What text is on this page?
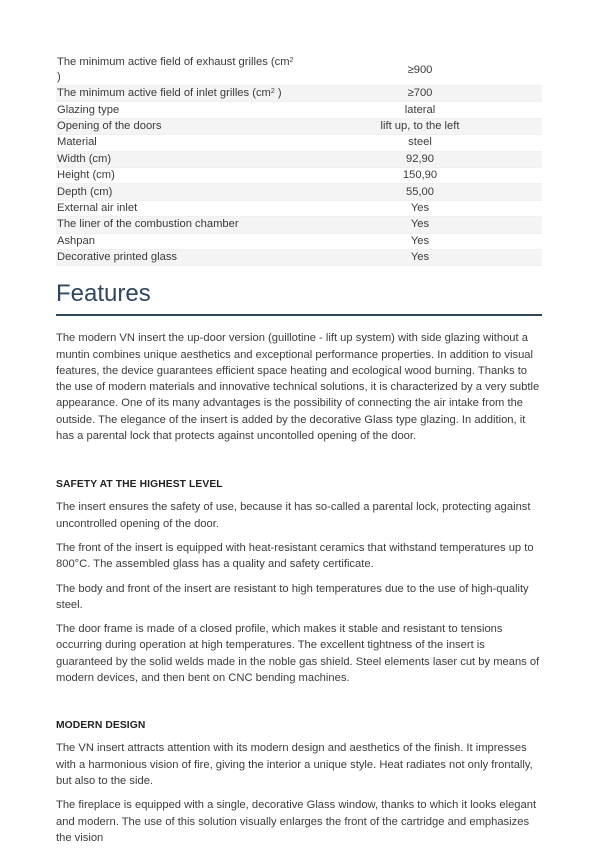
The minimum active field of exhaust grilles ($cm^2$ )	≥900
The minimum active field of inlet grilles ($cm^2$ )	≥700
Glazing type	lateral
Opening of the doors	lift up, to the left
Material	steel
Width (cm)	92,90
Height (cm)	150,90
Depth (cm)	55,00
External air inlet	Yes
The liner of the combustion chamber	Yes
Ashpan	Yes
Decorative printed glass	Yes
Features

The modern VN insert the up-door version (guillotine - lift up system) with side glazing without a muntin combines unique aesthetics and exceptional performance properties. In addition to visual features, the device guarantees efficient space heating and ecological wood burning. Thanks to the use of modern materials and innovative technical solutions, it is characterized by a very subtle appearance. One of its many advantages is the possibility of connecting the air intake from the outside. The elegance of the insert is added by the decorative Glass type glazing. In addition, it has a parental lock that protects against uncontolled opening of the door.

SAFETY AT THE HIGHEST LEVEL

The insert ensures the safety of use, because it has so-called a parental lock, protecting against uncontrolled opening of the door.

The front of the insert is equipped with heat-resistant ceramics that withstand temperatures up to 800°C. The assembled glass has a quality and safety certificate.

The body and front of the insert are resistant to high temperatures due to the use of high-quality steel.

The door frame is made of a closed profile, which makes it stable and resistant to tensions occurring during operation at high temperatures. The excellent tightness of the insert is guaranteed by the solid welds made in the noble gas shield. Steel elements laser cut by means of modern devices, and then bent on CNC bending machines.

MODERN DESIGN

The VN insert attracts attention with its modern design and aesthetics of the finish. It impresses with a harmonious vision of fire, giving the interior a unique style. Heat radiates not only frontally, but also to the side.

The fireplace is equipped with a single, decorative Glass window, thanks to which it looks elegant and modern. The use of this solution visually enlarges the front of the cartridge and emphasizes the vision
